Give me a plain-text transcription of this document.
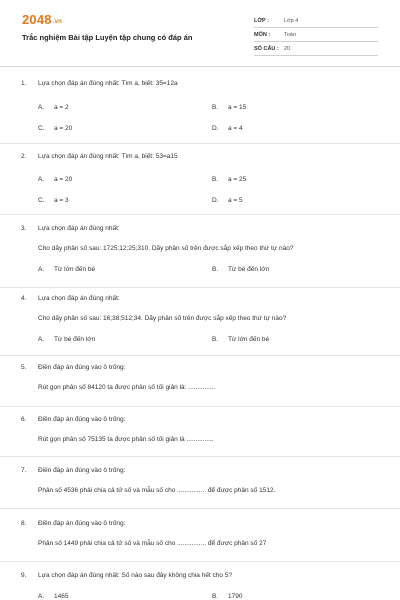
2048.vn
Trắc nghiệm Bài tập Luyện tập chung có đáp án
LỚP :	Lớp 4
MÔN :	Toán
SỐ CÂU : 20
1. Lựa chọn đáp án đúng nhất: Tìm a, biết: 35=12a
A. a = 2	B. a = 15
C. a = 20	D. a = 4
2. Lựa chọn đáp án đúng nhất: Tìm a, biết: 53=a15
A. a = 20	B. a = 25
C. a = 3	D. a = 5
3. Lựa chọn đáp án đúng nhất:
Cho dãy phân số sau: 1725;12;25;310. Dãy phân số trên được sắp xếp theo thứ tự nào?
A. Từ lớn đến bé	B. Từ bé đến lớn
4. Lựa chọn đáp án đúng nhất:
Cho dãy phân số sau: 16;38;512;34. Dãy phân số trên được sắp xếp theo thứ tự nào?
A. Từ bé đến lớn	B. Từ lớn đến bé
5. Điền đáp án đúng vào ô trống:
Rút gọn phân số 84120 ta được phân số tối giản là: ...............
6. Điền đáp án đúng vào ô trống:
Rút gọn phân số 75135 ta được phân số tối giản là ...............
7. Điền đáp án đúng vào ô trống:
Phân số 4536 phải chia cả tử số và mẫu số cho ................ để được phân số 1512.
8. Điền đáp án đúng vào ô trống:
Phân số 1449 phải chia cả tử số và mẫu số cho ................ để được phân số 27
9. Lựa chọn đáp án đúng nhất: Số nào sau đây không chia hết cho 5?
A. 1465	B. 1790
